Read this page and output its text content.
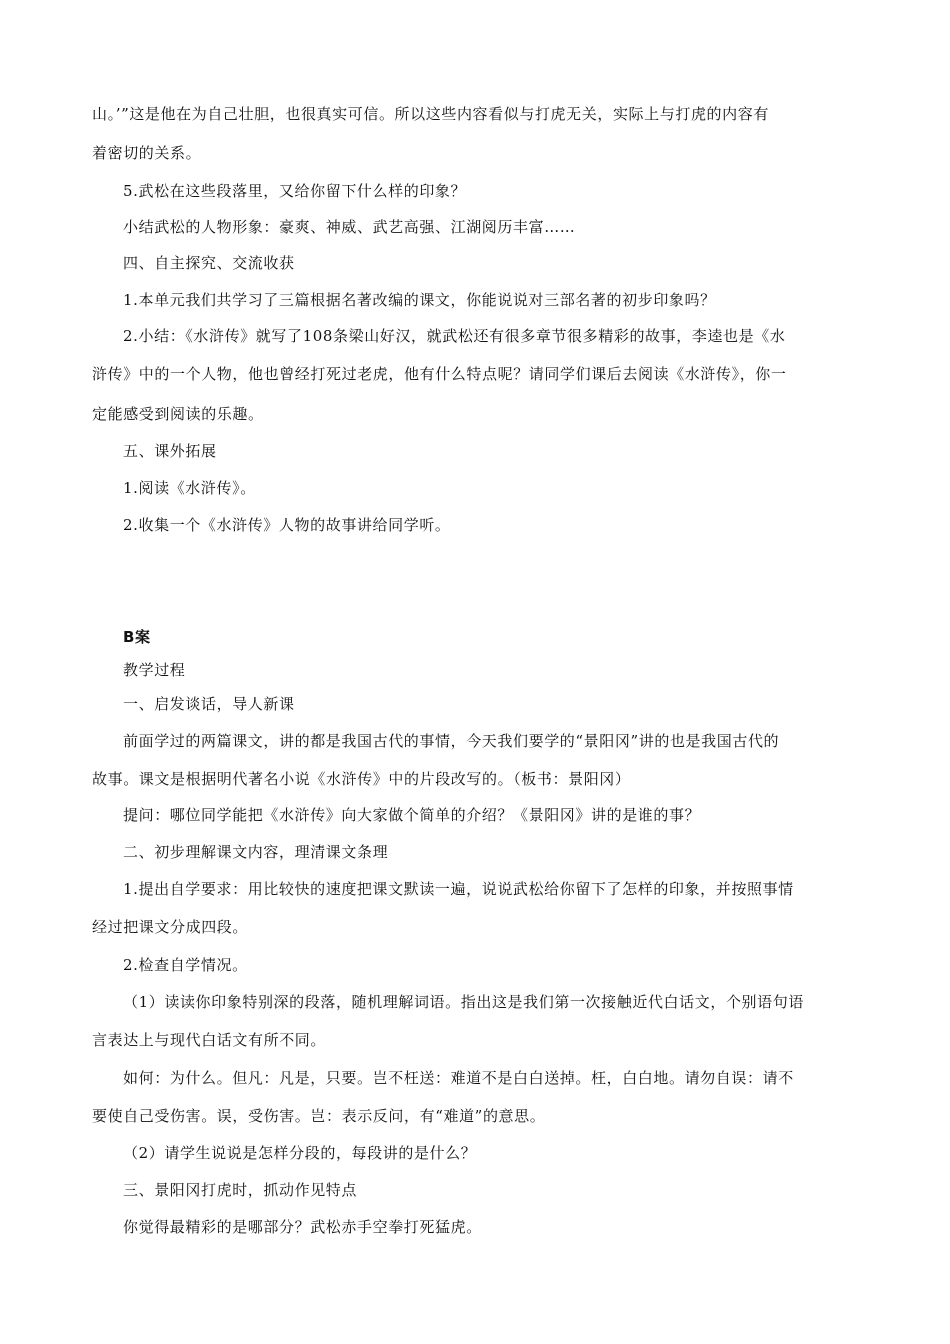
山。’”这是他在为自己壮胆，也很真实可信。所以这些内容看似与打虎无关，实际上与打虎的内容有
着密切的关系。
5.武松在这些段落里，又给你留下什么样的印象？
小结武松的人物形象：豪爽、神威、武艺高强、江湖阅历丰富……
四、自主探究、交流收获
1.本单元我们共学习了三篇根据名著改编的课文，你能说说对三部名著的初步印象吗？
2.小结：《水浒传》就写了108条梁山好汉，就武松还有很多章节很多精彩的故事，李逵也是《水
浒传》中的一个人物，他也曾经打死过老虎，他有什么特点呢？请同学们课后去阅读《水浒传》，你一
定能感受到阅读的乐趣。
五、课外拓展
1.阅读《水浒传》。
2.收集一个《水浒传》人物的故事讲给同学听。
B案
教学过程
一、启发谈话，导人新课
前面学过的两篇课文，讲的都是我国古代的事情，今天我们要学的“景阳冈”讲的也是我国古代的
故事。课文是根据明代著名小说《水浒传》中的片段改写的。（板书：景阳冈）
提问：哪位同学能把《水浒传》向大家做个简单的介绍？《景阳冈》讲的是谁的事？
二、初步理解课文内容，理清课文条理
1.提出自学要求：用比较快的速度把课文默读一遍，说说武松给你留下了怎样的印象，并按照事情
经过把课文分成四段。
2.检查自学情况。
（1）读读你印象特别深的段落，随机理解词语。指出这是我们第一次接触近代白话文，个别语句语
言表达上与现代白话文有所不同。
如何：为什么。但凡：凡是，只要。岂不枉送：难道不是白白送掉。枉，白白地。请勿自误：请不
要使自己受伤害。误，受伤害。岂：表示反问，有“难道”的意思。
（2）请学生说说是怎样分段的，每段讲的是什么？
三、景阳冈打虎时，抓动作见特点
你觉得最精彩的是哪部分？武松赤手空拳打死猛虎。
